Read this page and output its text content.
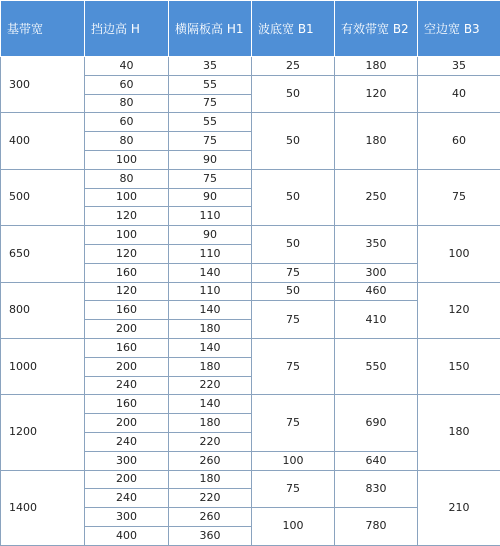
基带宽	挡边高 H	横隔板高 H1	波底宽 B1	有效带宽 B2	空边宽 B3
300	40	35	25	180	35
	60	55	50	120	40
	80	75			
400	60	55	50	180	60
	80	75			
	100	90			
500	80	75	50	250	75
	100	90			
	120	110			
650	100	90	50	350	100
	120	110			
	160	140	75	300	
800	120	110	50	460	120
	160	140	75	410	
	200	180			
1000	160	140	75	550	150
	200	180			
	240	220			
1200	160	140	75	690	180
	200	180			
	240	220			
	300	260	100	640	
1400	200	180	75	830	210
	240	220			
	300	260	100	780	
	400	360			
